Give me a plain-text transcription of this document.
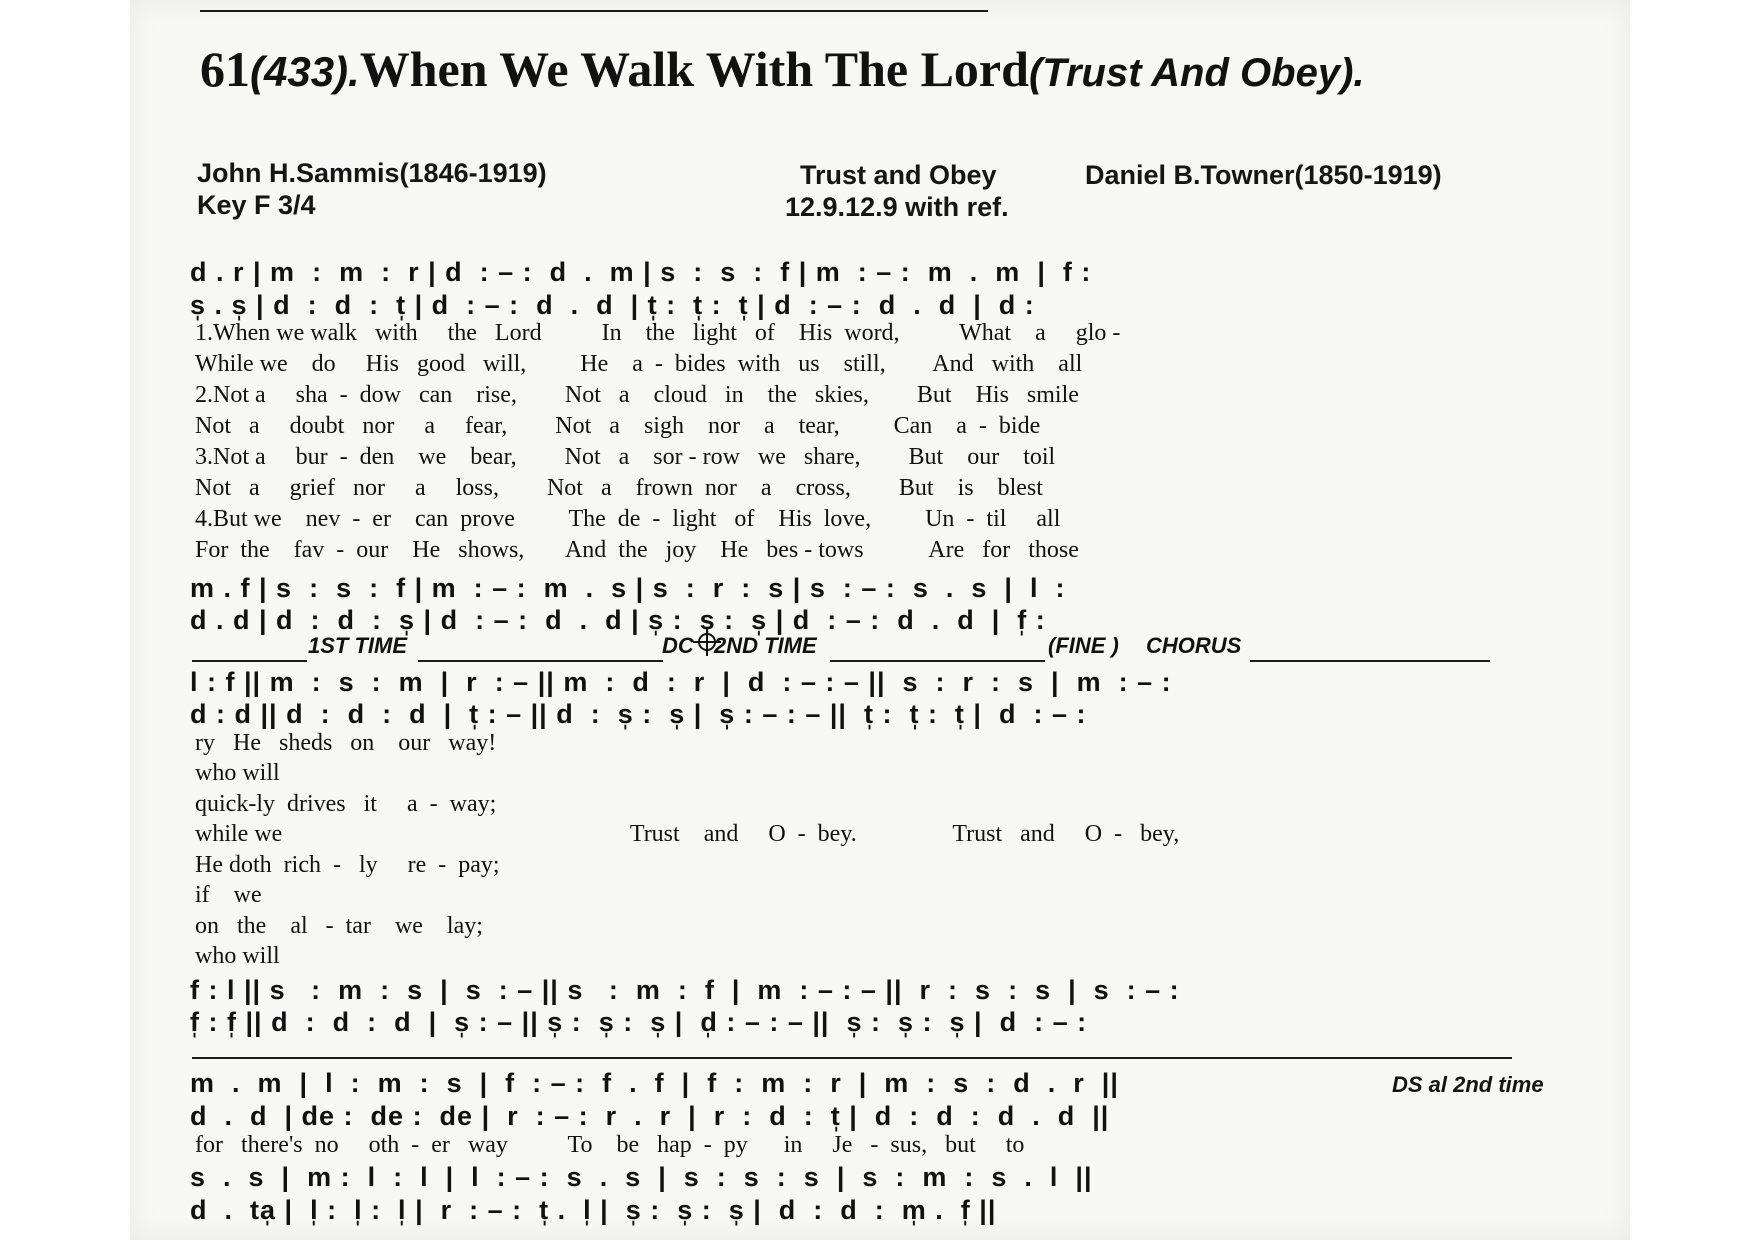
61(433).When We Walk With The Lord(Trust And Obey).
John H.Sammis(1846-1919)
Key F 3/4
Trust and Obey
12.9.12.9 with ref.
Daniel B.Towner(1850-1919)
d . r | m  :  m  :  r | d  : – :  d  .  m | s  :  s  :  f | m  : – :  m  .  m  |  f :
s̩ . s̩ | d  :  d  :  t̩ | d  : – :  d  .  d  | t̩ :  t̩ :  t̩ | d  : – :  d  .  d  |  d :
1.When we walk   with     the   Lord          In    the   light   of    His  word,          What    a     glo -
While we    do     His   good   will,         He    a  -  bides  with   us    still,        And   with    all
2.Not a     sha  -  dow   can    rise,        Not   a    cloud   in    the   skies,        But    His   smile
Not   a     doubt   nor     a     fear,        Not   a    sigh    nor    a    tear,         Can    a  -  bide
3.Not a     bur  -  den    we    bear,        Not   a    sor - row   we   share,        But    our    toil
Not   a     grief   nor     a     loss,        Not   a    frown  nor    a    cross,        But    is    blest
4.But we    nev  -  er    can  prove         The  de  -  light   of    His  love,         Un  -  til     all
For  the    fav  -  our    He   shows,       And  the   joy    He   bes - tows           Are   for   those
m . f | s  :  s  :  f | m  : – :  m  .  s | s  :  r  :  s | s  : – :  s  .  s  |  l  :
d . d | d  :  d  :  s̩ | d  : – :  d  .  d | s̩ :  s̩ :  s̩ | d  : – :  d  .  d  |  f̩ :
1ST TIME	DC 2ND TIME	(FINE ) CHORUS
l : f || m  :  s  :  m  |  r  : – || m  :  d  :  r  |  d  : – : – ||  s  :  r  :  s  |  m  : – :
d : d || d  :  d  :  d  |  t̩ : – || d  :  s̩ :  s̩ |  s̩ : – : – ||  t̩ :  t̩ :  t̩ |  d  : – :
ry   He   sheds   on    our   way!
who will
quick-ly  drives   it     a  -  way;
while we                                                          Trust    and     O  -  bey.                Trust   and     O  -   bey,
He doth  rich  -   ly     re  -  pay;
if    we
on   the    al   -  tar    we    lay;
who will
f : l || s   :  m  :  s  |  s  : – || s   :  m  :  f  |  m  : – : – ||  r  :  s  :  s  |  s  : – :
f̩ : f̩ || d  :  d  :  d  |  s̩ : – || s̩ :  s̩ :  s̩ |  d̩ : – : – ||  s̩ :  s̩ :  s̩ |  d  : – :
m  .  m  |  l  :  m  :  s  |  f  : – :  f  .  f  |  f  :  m  :  r  |  m  :  s  :  d  .  r  ||	DS al 2nd time
d  .  d  | de :  de :  de |  r  : – :  r  .  r  |  r  :  d  :  t̩ |  d  :  d  :  d  .  d  ||
for   there's  no     oth  -  er   way          To    be   hap  -  py      in     Je   -  sus,   but     to
s  .  s  |  m :  l  :  l  |  l  : – :  s  .  s  |  s  :  s  :  s  |  s  :  m  :  s  .  l  ||
d  .  ta̩ |  l̩ :  l̩ :  l̩ |  r  : – :  t̩ .  l̩ |  s̩ :  s̩ :  s̩ |  d  :  d  :  m̩ .  f̩ ||
